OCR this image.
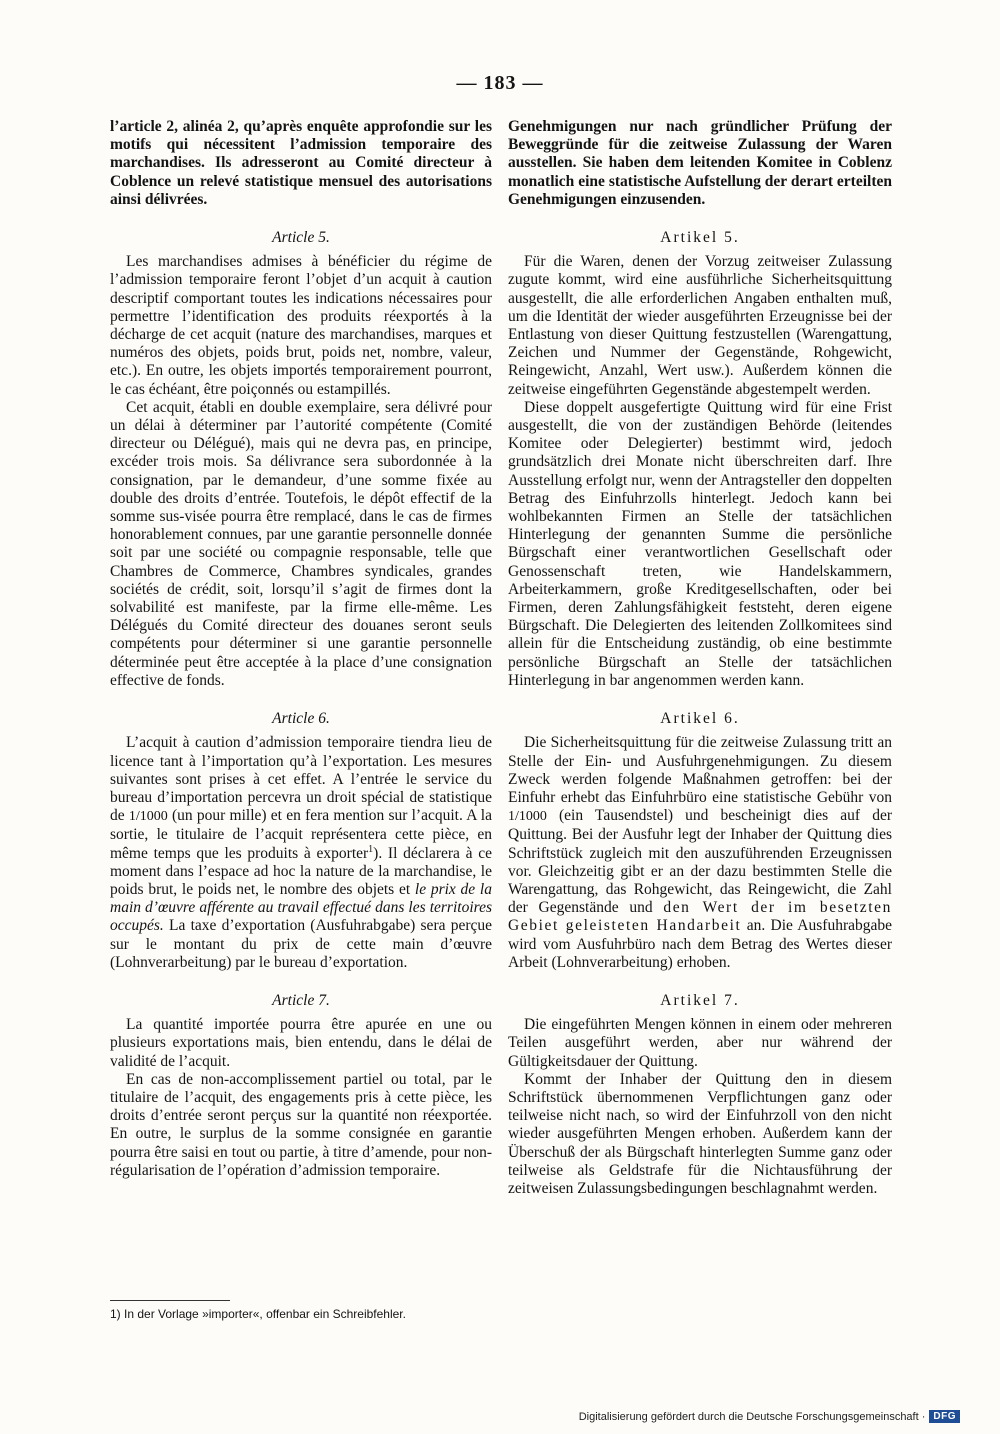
— 183 —

l’article 2, alinéa 2, qu’après enquête approfondie sur les motifs qui nécessitent l’admission temporaire des marchandises. Ils adresseront au Comité directeur à Coblence un relevé statistique mensuel des autorisations ainsi délivrées.

Article 5.

Les marchandises admises à bénéficier du régime de l’admission temporaire feront l’objet d’un acquit à caution descriptif comportant toutes les indications nécessaires pour permettre l’identification des produits réexportés à la décharge de cet acquit (nature des marchandises, marques et numéros des objets, poids brut, poids net, nombre, valeur, etc.). En outre, les objets importés temporairement pourront, le cas échéant, être poiçonnés ou estampillés.

Cet acquit, établi en double exemplaire, sera délivré pour un délai à déterminer par l’autorité compétente (Comité directeur ou Délégué), mais qui ne devra pas, en principe, excéder trois mois. Sa délivrance sera subordonnée à la consignation, par le demandeur, d’une somme fixée au double des droits d’entrée. Toutefois, le dépôt effectif de la somme sus-visée pourra être remplacé, dans le cas de firmes honorablement connues, par une garantie personnelle donnée soit par une société ou compagnie responsable, telle que Chambres de Commerce, Chambres syndicales, grandes sociétés de crédit, soit, lorsqu’il s’agit de firmes dont la solvabilité est manifeste, par la firme elle-même. Les Délégués du Comité directeur des douanes seront seuls compétents pour déterminer si une garantie personnelle déterminée peut être acceptée à la place d’une consignation effective de fonds.

Article 6.

L’acquit à caution d’admission temporaire tiendra lieu de licence tant à l’importation qu’à l’exportation. Les mesures suivantes sont prises à cet effet. A l’entrée le service du bureau d’importation percevra un droit spécial de statistique de 1/1000 (un pour mille) et en fera mention sur l’acquit. A la sortie, le titulaire de l’acquit représentera cette pièce, en même temps que les produits à exporter$^1$). Il déclarera à ce moment dans l’espace ad hoc la nature de la marchandise, le poids brut, le poids net, le nombre des objets et le prix de la main d’œuvre afférente au travail effectué dans les territoires occupés. La taxe d’exportation (Ausfuhrabgabe) sera perçue sur le montant du prix de cette main d’œuvre (Lohnverarbeitung) par le bureau d’exportation.

Article 7.

La quantité importée pourra être apurée en une ou plusieurs exportations mais, bien entendu, dans le délai de validité de l’acquit.

En cas de non-accomplissement partiel ou total, par le titulaire de l’acquit, des engagements pris à cette pièce, les droits d’entrée seront perçus sur la quantité non réexportée. En outre, le surplus de la somme consignée en garantie pourra être saisi en tout ou partie, à titre d’amende, pour non-régularisation de l’opération d’admission temporaire.

Genehmigungen nur nach gründlicher Prüfung der Beweggründe für die zeitweise Zulassung der Waren ausstellen. Sie haben dem leitenden Komitee in Coblenz monatlich eine statistische Aufstellung der derart erteilten Genehmigungen einzusenden.

Artikel 5.

Für die Waren, denen der Vorzug zeitweiser Zulassung zugute kommt, wird eine ausführliche Sicherheitsquittung ausgestellt, die alle erforderlichen Angaben enthalten muß, um die Identität der wieder ausgeführten Erzeugnisse bei der Entlastung von dieser Quittung festzustellen (Warengattung, Zeichen und Nummer der Gegenstände, Rohgewicht, Reingewicht, Anzahl, Wert usw.). Außerdem können die zeitweise eingeführten Gegenstände abgestempelt werden.

Diese doppelt ausgefertigte Quittung wird für eine Frist ausgestellt, die von der zuständigen Behörde (leitendes Komitee oder Delegierter) bestimmt wird, jedoch grundsätzlich drei Monate nicht überschreiten darf. Ihre Ausstellung erfolgt nur, wenn der Antragsteller den doppelten Betrag des Einfuhrzolls hinterlegt. Jedoch kann bei wohlbekannten Firmen an Stelle der tatsächlichen Hinterlegung der genannten Summe die persönliche Bürgschaft einer verantwortlichen Gesellschaft oder Genossenschaft treten, wie Handelskammern, Arbeiterkammern, große Kreditgesellschaften, oder bei Firmen, deren Zahlungsfähigkeit feststeht, deren eigene Bürgschaft. Die Delegierten des leitenden Zollkomitees sind allein für die Entscheidung zuständig, ob eine bestimmte persönliche Bürgschaft an Stelle der tatsächlichen Hinterlegung in bar angenommen werden kann.

Artikel 6.

Die Sicherheitsquittung für die zeitweise Zulassung tritt an Stelle der Ein- und Ausfuhrgenehmigungen. Zu diesem Zweck werden folgende Maßnahmen getroffen: bei der Einfuhr erhebt das Einfuhrbüro eine statistische Gebühr von 1/1000 (ein Tausendstel) und bescheinigt dies auf der Quittung. Bei der Ausfuhr legt der Inhaber der Quittung dies Schriftstück zugleich mit den auszuführenden Erzeugnissen vor. Gleichzeitig gibt er an der dazu bestimmten Stelle die Warengattung, das Rohgewicht, das Reingewicht, die Zahl der Gegenstände und den Wert der im besetzten Gebiet geleisteten Handarbeit an. Die Ausfuhrabgabe wird vom Ausfuhrbüro nach dem Betrag des Wertes dieser Arbeit (Lohnverarbeitung) erhoben.

Artikel 7.

Die eingeführten Mengen können in einem oder mehreren Teilen ausgeführt werden, aber nur während der Gültigkeitsdauer der Quittung.

Kommt der Inhaber der Quittung den in diesem Schriftstück übernommenen Verpflichtungen ganz oder teilweise nicht nach, so wird der Einfuhrzoll von den nicht wieder ausgeführten Mengen erhoben. Außerdem kann der Überschuß der als Bürgschaft hinterlegten Summe ganz oder teilweise als Geldstrafe für die Nichtausführung der zeitweisen Zulassungsbedingungen beschlagnahmt werden.

1) In der Vorlage »importer«, offenbar ein Schreibfehler.
Digitalisierung gefördert durch die Deutsche Forschungsgemeinschaft · DFG
